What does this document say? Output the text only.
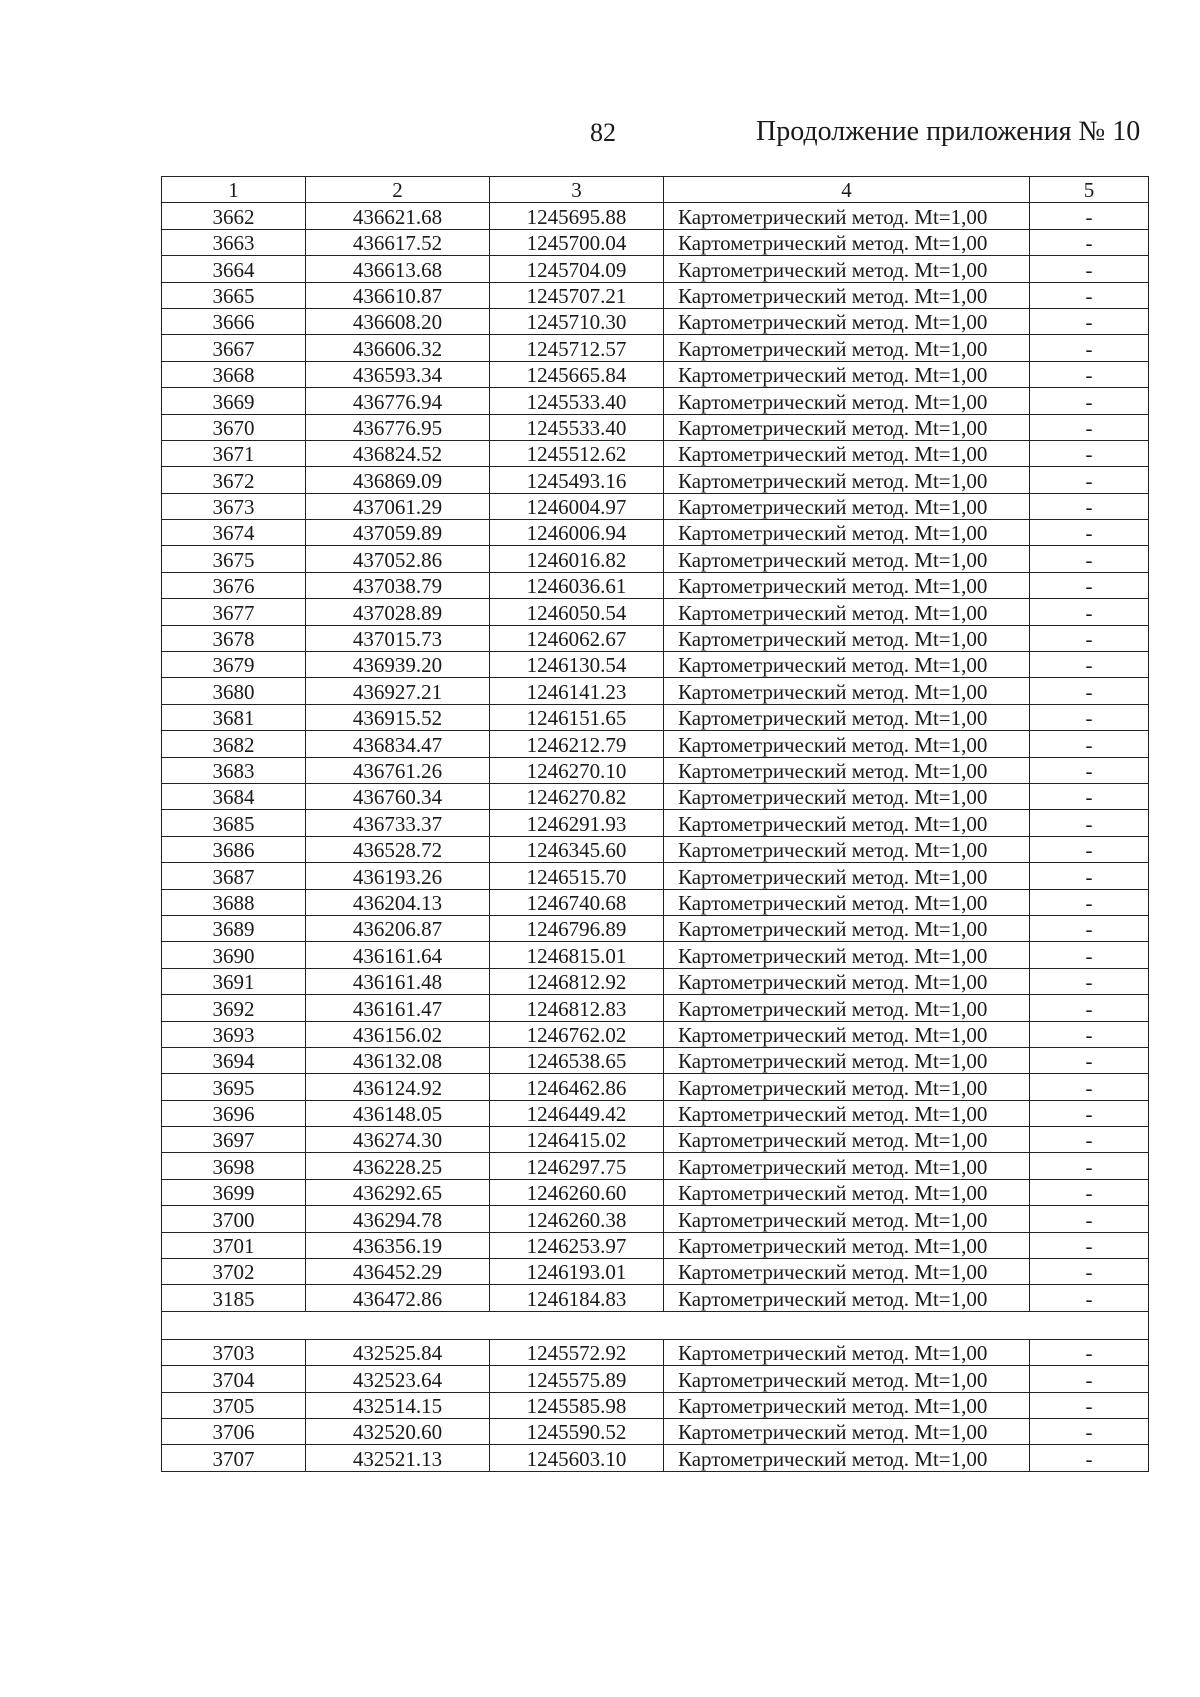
82	Продолжение приложения № 10
1	2	3	4	5
3662	436621.68	1245695.88	Картометрический метод. Mt=1,00	-
3663	436617.52	1245700.04	Картометрический метод. Mt=1,00	-
3664	436613.68	1245704.09	Картометрический метод. Mt=1,00	-
3665	436610.87	1245707.21	Картометрический метод. Mt=1,00	-
3666	436608.20	1245710.30	Картометрический метод. Mt=1,00	-
3667	436606.32	1245712.57	Картометрический метод. Mt=1,00	-
3668	436593.34	1245665.84	Картометрический метод. Mt=1,00	-
3669	436776.94	1245533.40	Картометрический метод. Mt=1,00	-
3670	436776.95	1245533.40	Картометрический метод. Mt=1,00	-
3671	436824.52	1245512.62	Картометрический метод. Mt=1,00	-
3672	436869.09	1245493.16	Картометрический метод. Mt=1,00	-
3673	437061.29	1246004.97	Картометрический метод. Mt=1,00	-
3674	437059.89	1246006.94	Картометрический метод. Mt=1,00	-
3675	437052.86	1246016.82	Картометрический метод. Mt=1,00	-
3676	437038.79	1246036.61	Картометрический метод. Mt=1,00	-
3677	437028.89	1246050.54	Картометрический метод. Mt=1,00	-
3678	437015.73	1246062.67	Картометрический метод. Mt=1,00	-
3679	436939.20	1246130.54	Картометрический метод. Mt=1,00	-
3680	436927.21	1246141.23	Картометрический метод. Mt=1,00	-
3681	436915.52	1246151.65	Картометрический метод. Mt=1,00	-
3682	436834.47	1246212.79	Картометрический метод. Mt=1,00	-
3683	436761.26	1246270.10	Картометрический метод. Mt=1,00	-
3684	436760.34	1246270.82	Картометрический метод. Mt=1,00	-
3685	436733.37	1246291.93	Картометрический метод. Mt=1,00	-
3686	436528.72	1246345.60	Картометрический метод. Mt=1,00	-
3687	436193.26	1246515.70	Картометрический метод. Mt=1,00	-
3688	436204.13	1246740.68	Картометрический метод. Mt=1,00	-
3689	436206.87	1246796.89	Картометрический метод. Mt=1,00	-
3690	436161.64	1246815.01	Картометрический метод. Mt=1,00	-
3691	436161.48	1246812.92	Картометрический метод. Mt=1,00	-
3692	436161.47	1246812.83	Картометрический метод. Mt=1,00	-
3693	436156.02	1246762.02	Картометрический метод. Mt=1,00	-
3694	436132.08	1246538.65	Картометрический метод. Mt=1,00	-
3695	436124.92	1246462.86	Картометрический метод. Mt=1,00	-
3696	436148.05	1246449.42	Картометрический метод. Mt=1,00	-
3697	436274.30	1246415.02	Картометрический метод. Mt=1,00	-
3698	436228.25	1246297.75	Картометрический метод. Mt=1,00	-
3699	436292.65	1246260.60	Картометрический метод. Mt=1,00	-
3700	436294.78	1246260.38	Картометрический метод. Mt=1,00	-
3701	436356.19	1246253.97	Картометрический метод. Mt=1,00	-
3702	436452.29	1246193.01	Картометрический метод. Mt=1,00	-
3185	436472.86	1246184.83	Картометрический метод. Mt=1,00	-

3703	432525.84	1245572.92	Картометрический метод. Mt=1,00	-
3704	432523.64	1245575.89	Картометрический метод. Mt=1,00	-
3705	432514.15	1245585.98	Картометрический метод. Mt=1,00	-
3706	432520.60	1245590.52	Картометрический метод. Mt=1,00	-
3707	432521.13	1245603.10	Картометрический метод. Mt=1,00	-
